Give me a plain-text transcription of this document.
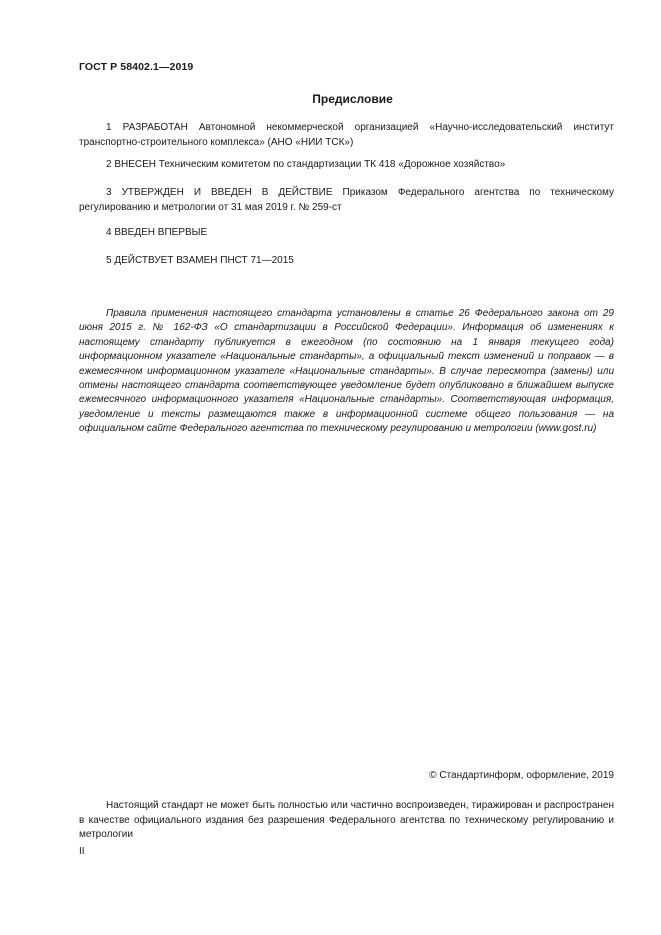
ГОСТ Р 58402.1—2019
Предисловие
1 РАЗРАБОТАН Автономной некоммерческой организацией «Научно-исследовательский институт транспортно-строительного комплекса» (АНО «НИИ ТСК»)
2 ВНЕСЕН Техническим комитетом по стандартизации ТК 418 «Дорожное хозяйство»
3 УТВЕРЖДЕН И ВВЕДЕН В ДЕЙСТВИЕ Приказом Федерального агентства по техническому регулированию и метрологии от 31 мая 2019 г. № 259-ст
4 ВВЕДЕН ВПЕРВЫЕ
5 ДЕЙСТВУЕТ ВЗАМЕН ПНСТ 71—2015
Правила применения настоящего стандарта установлены в статье 26 Федерального закона от 29 июня 2015 г. № 162-ФЗ «О стандартизации в Российской Федерации». Информация об изменениях к настоящему стандарту публикуется в ежегодном (по состоянию на 1 января текущего года) информационном указателе «Национальные стандарты», а официальный текст изменений и поправок — в ежемесячном информационном указателе «Национальные стандарты». В случае пересмотра (замены) или отмены настоящего стандарта соответствующее уведомление будет опубликовано в ближайшем выпуске ежемесячного информационного указателя «Национальные стандарты». Соответствующая информация, уведомление и тексты размещаются также в информационной системе общего пользования — на официальном сайте Федерального агентства по техническому регулированию и метрологии (www.gost.ru)
© Стандартинформ, оформление, 2019
Настоящий стандарт не может быть полностью или частично воспроизведен, тиражирован и распространен в качестве официального издания без разрешения Федерального агентства по техническому регулированию и метрологии
II
